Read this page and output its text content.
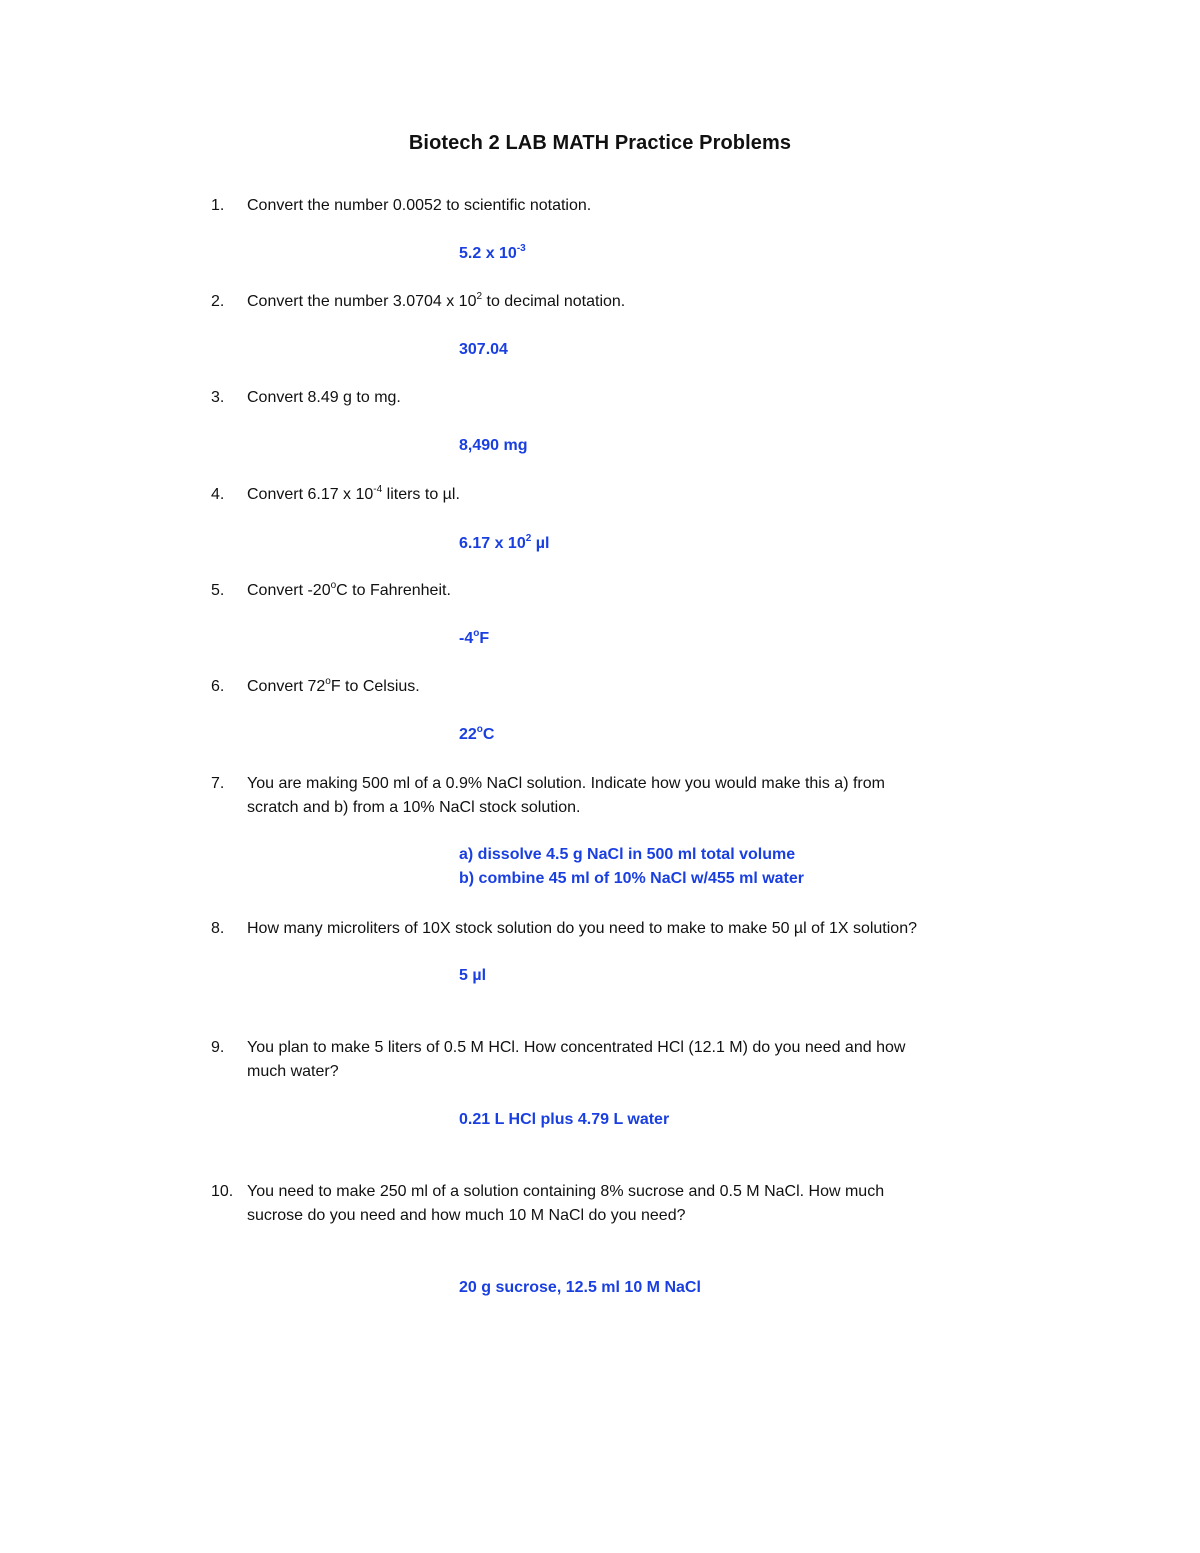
Biotech 2 LAB MATH Practice Problems
1. Convert the number 0.0052 to scientific notation.
5.2 x $10^{-3}$
2. Convert the number 3.0704 x $10^2$ to decimal notation.
307.04
3. Convert 8.49 g to mg.
8,490 mg
4. Convert 6.17 x $10^{-4}$ liters to µl.
6.17 x $10^2$ µl
5. Convert -20$^o$C to Fahrenheit.
-4$^o$F
6. Convert 72$^o$F to Celsius.
22$^o$C
7. You are making 500 ml of a 0.9% NaCl solution. Indicate how you would make this a) from
scratch and b) from a 10% NaCl stock solution.
a) dissolve 4.5 g NaCl in 500 ml total volume
b) combine 45 ml of 10% NaCl w/455 ml water
8. How many microliters of 10X stock solution do you need to make to make 50 µl of 1X solution?
5 µl
9. You plan to make 5 liters of 0.5 M HCl. How concentrated HCl (12.1 M) do you need and how
much water?
0.21 L HCl plus 4.79 L water
10. You need to make 250 ml of a solution containing 8% sucrose and 0.5 M NaCl. How much
sucrose do you need and how much 10 M NaCl do you need?
20 g sucrose, 12.5 ml 10 M NaCl
